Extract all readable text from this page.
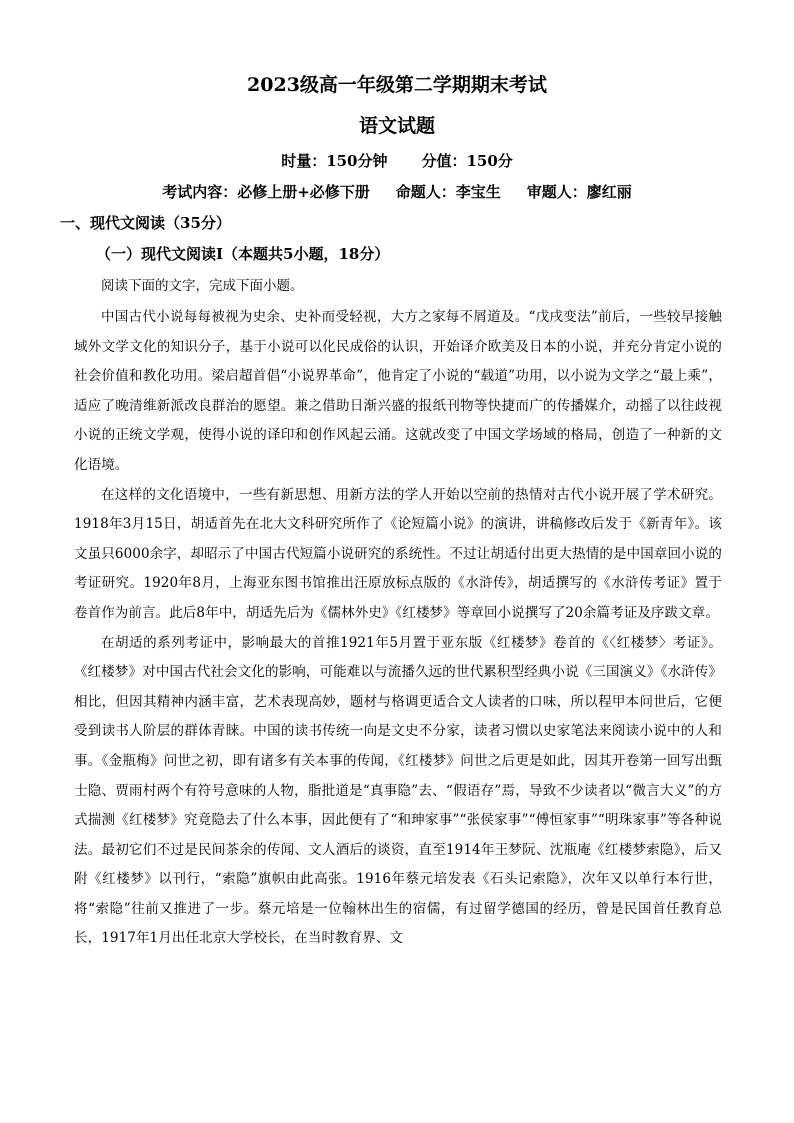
2023级高一年级第二学期期末考试
语文试题
时量：150分钟 分值：150分
考试内容：必修上册+必修下册 命题人：李宝生 审题人：廖红丽
一、现代文阅读（35分）
（一）现代文阅读Ⅰ（本题共5小题，18分）

阅读下面的文字，完成下面小题。

中国古代小说每每被视为史余、史补而受轻视，大方之家每不屑道及。“戊戌变法”前后，一些较早接触域外文学文化的知识分子，基于小说可以化民成俗的认识，开始译介欧美及日本的小说，并充分肯定小说的社会价值和教化功用。梁启超首倡“小说界革命”，他肯定了小说的“载道”功用，以小说为文学之“最上乘”，适应了晚清维新派改良群治的愿望。兼之借助日渐兴盛的报纸刊物等快捷而广的传播媒介，动摇了以往歧视小说的正统文学观，使得小说的译印和创作风起云涌。这就改变了中国文学场域的格局，创造了一种新的文化语境。

在这样的文化语境中，一些有新思想、用新方法的学人开始以空前的热情对古代小说开展了学术研究。1918年3月15日，胡适首先在北大文科研究所作了《论短篇小说》的演讲，讲稿修改后发于《新青年》。该文虽只6000余字，却昭示了中国古代短篇小说研究的系统性。不过让胡适付出更大热情的是中国章回小说的考证研究。1920年8月，上海亚东图书馆推出汪原放标点版的《水浒传》，胡适撰写的《水浒传考证》置于卷首作为前言。此后8年中，胡适先后为《儒林外史》《红楼梦》等章回小说撰写了20余篇考证及序跋文章。

在胡适的系列考证中，影响最大的首推1921年5月置于亚东版《红楼梦》卷首的《〈红楼梦〉考证》。《红楼梦》对中国古代社会文化的影响，可能难以与流播久远的世代累积型经典小说《三国演义》《水浒传》相比，但因其精神内涵丰富，艺术表现高妙，题材与格调更适合文人读者的口味，所以程甲本问世后，它便受到读书人阶层的群体青睐。中国的读书传统一向是文史不分家，读者习惯以史家笔法来阅读小说中的人和事。《金瓶梅》问世之初，即有诸多有关本事的传闻，《红楼梦》问世之后更是如此，因其开卷第一回写出甄士隐、贾雨村两个有符号意味的人物，脂批道是“真事隐”去、“假语存”焉，导致不少读者以“微言大义”的方式揣测《红楼梦》究竟隐去了什么本事，因此便有了“和珅家事”“张侯家事”“傅恒家事”“明珠家事”等各种说法。最初它们不过是民间茶余的传闻、文人酒后的谈资，直至1914年王梦阮、沈瓶庵《红楼梦索隐》，后又附《红楼梦》以刊行，“索隐”旗帜由此高张。1916年蔡元培发表《石头记索隐》，次年又以单行本行世，将“索隐”往前又推进了一步。蔡元培是一位翰林出生的宿儒，有过留学德国的经历，曾是民国首任教育总长，1917年1月出任北京大学校长，在当时教育界、文
